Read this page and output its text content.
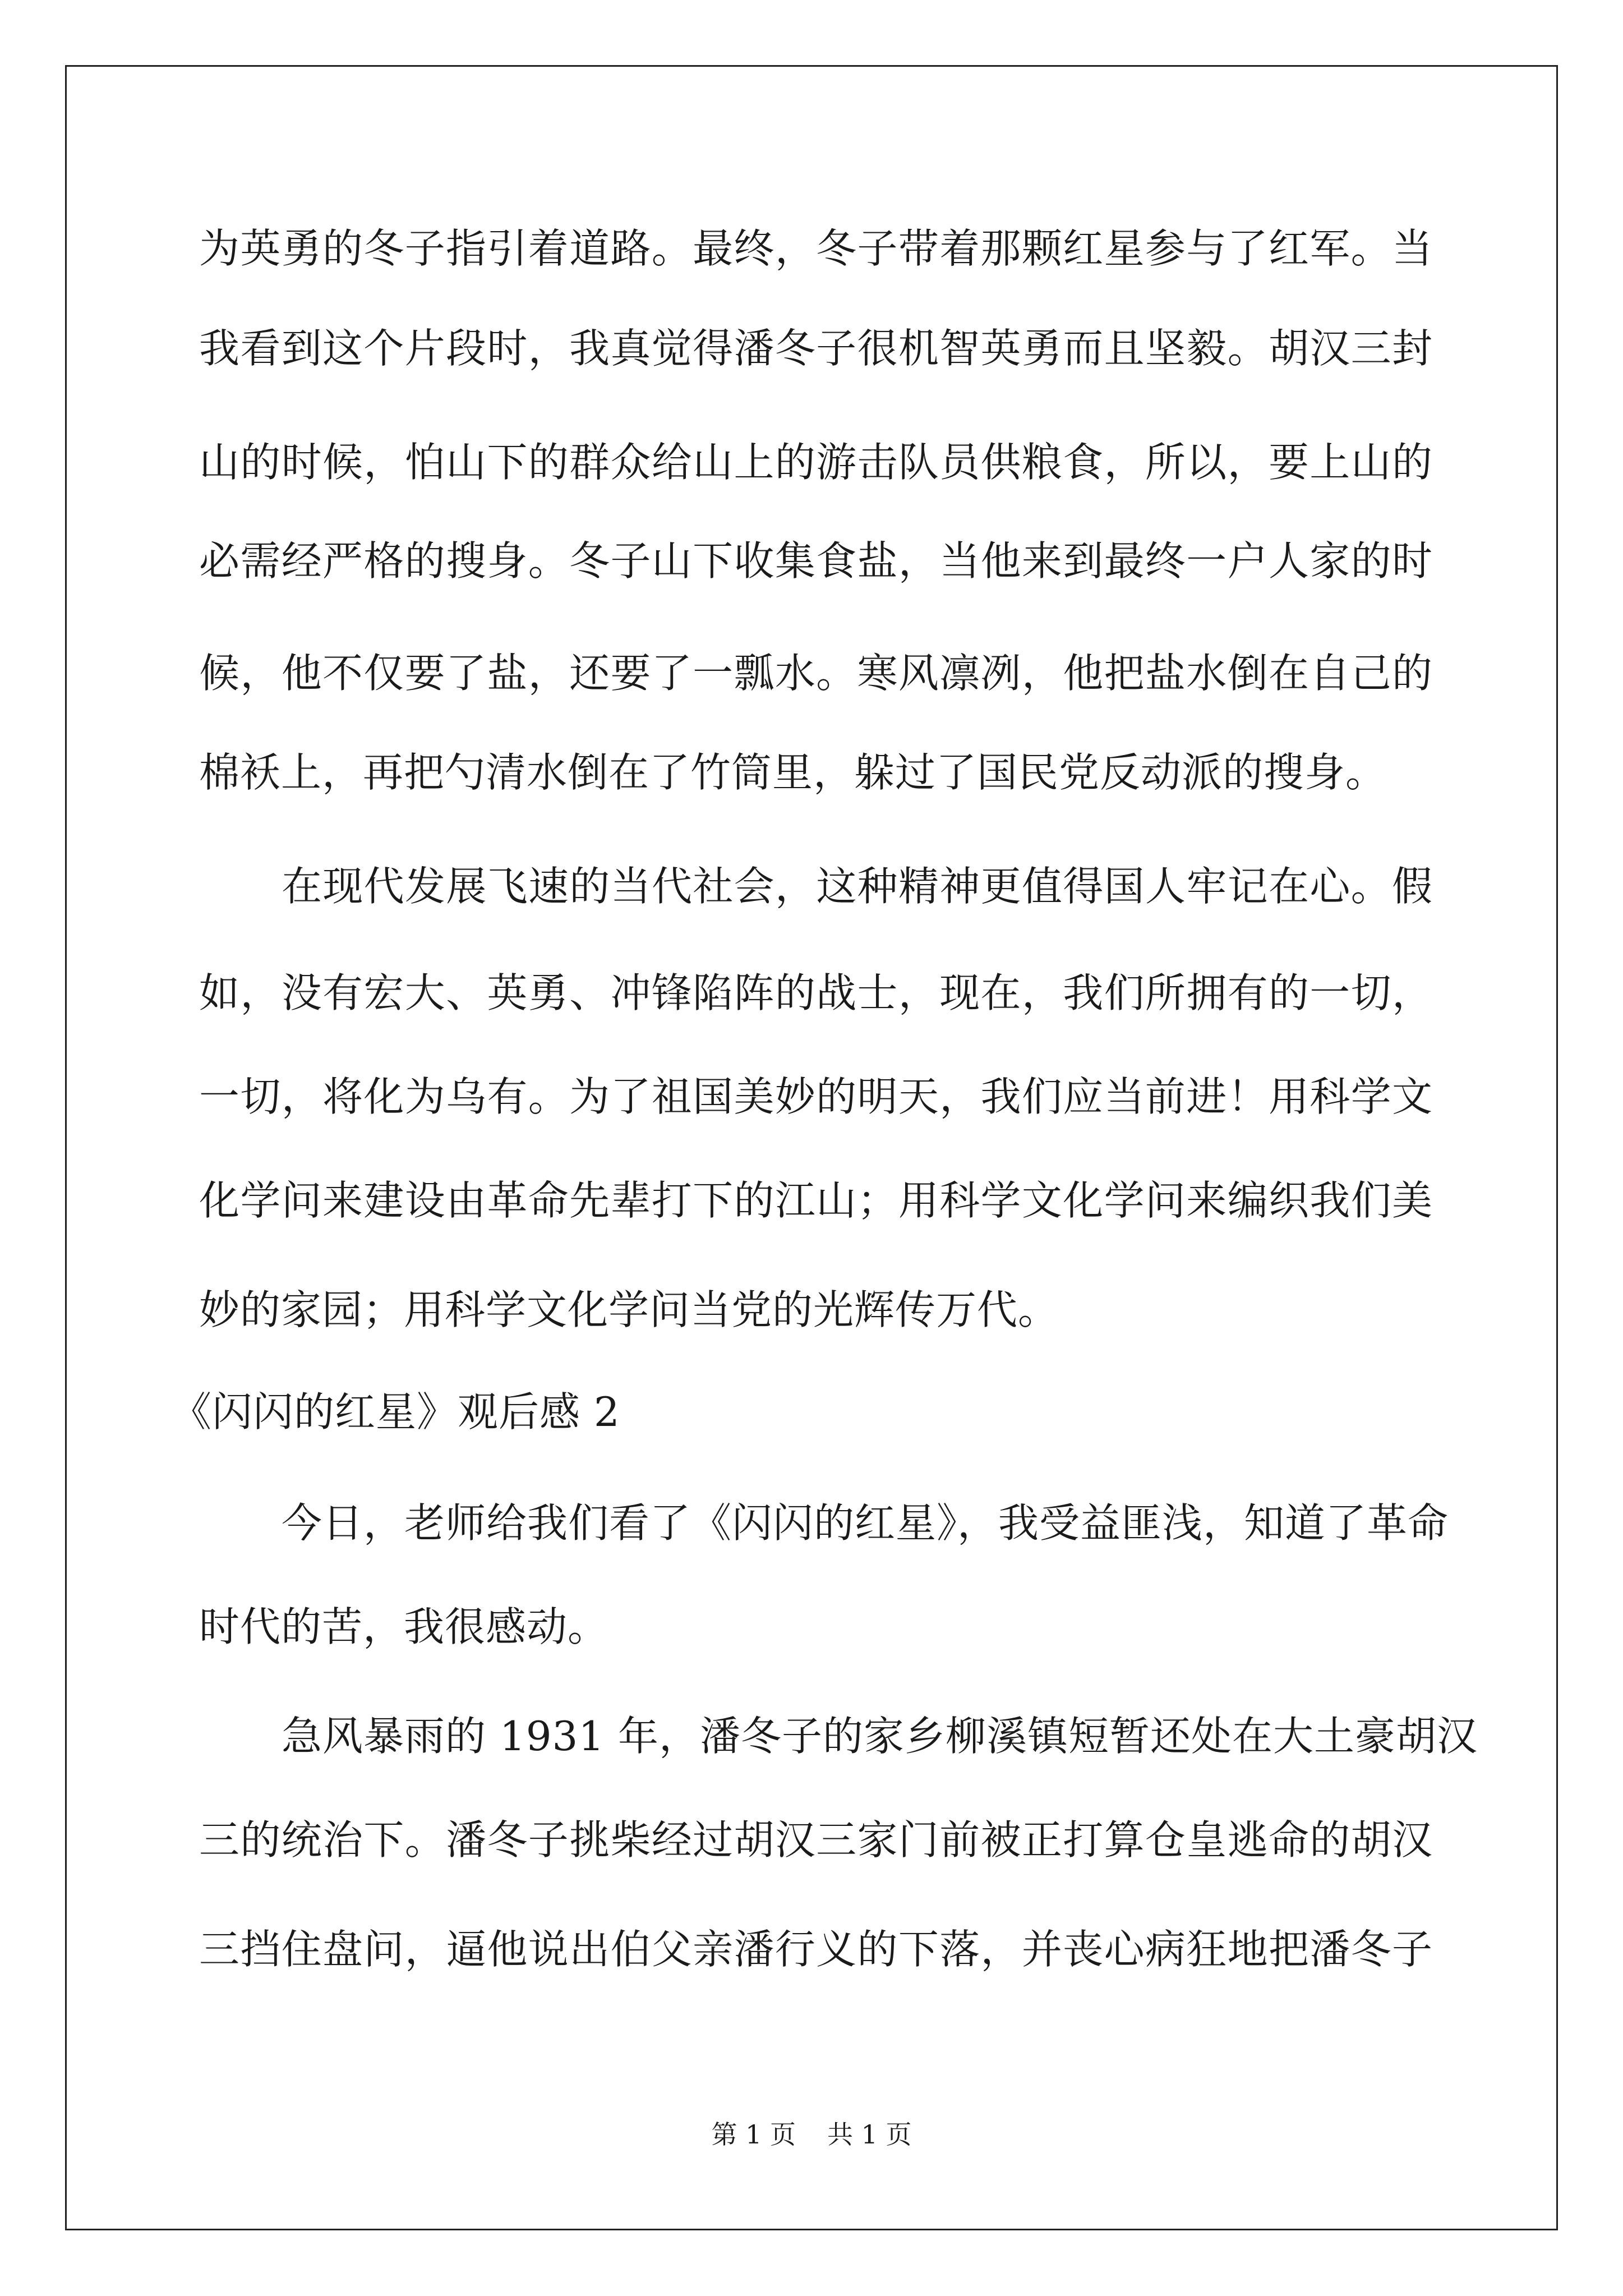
为英勇的冬子指引着道路。最终，冬子带着那颗红星参与了红军。当
我看到这个片段时，我真觉得潘冬子很机智英勇而且坚毅。胡汉三封
山的时候，怕山下的群众给山上的游击队员供粮食，所以，要上山的
必需经严格的搜身。冬子山下收集食盐，当他来到最终一户人家的时
候，他不仅要了盐，还要了一瓢水。寒风凛冽，他把盐水倒在自己的
棉袄上，再把勺清水倒在了竹筒里，躲过了国民党反动派的搜身。
在现代发展飞速的当代社会，这种精神更值得国人牢记在心。假
如，没有宏大、英勇、冲锋陷阵的战士，现在，我们所拥有的一切，
一切，将化为乌有。为了祖国美妙的明天，我们应当前进！用科学文
化学问来建设由革命先辈打下的江山；用科学文化学问来编织我们美
妙的家园；用科学文化学问当党的光辉传万代。
《闪闪的红星》观后感 2
今日，老师给我们看了《闪闪的红星》，我受益匪浅，知道了革命
时代的苦，我很感动。
急风暴雨的 1931 年，潘冬子的家乡柳溪镇短暂还处在大土豪胡汉
三的统治下。潘冬子挑柴经过胡汉三家门前被正打算仓皇逃命的胡汉
三挡住盘问，逼他说出伯父亲潘行义的下落，并丧心病狂地把潘冬子
第 1 页 共 1 页
